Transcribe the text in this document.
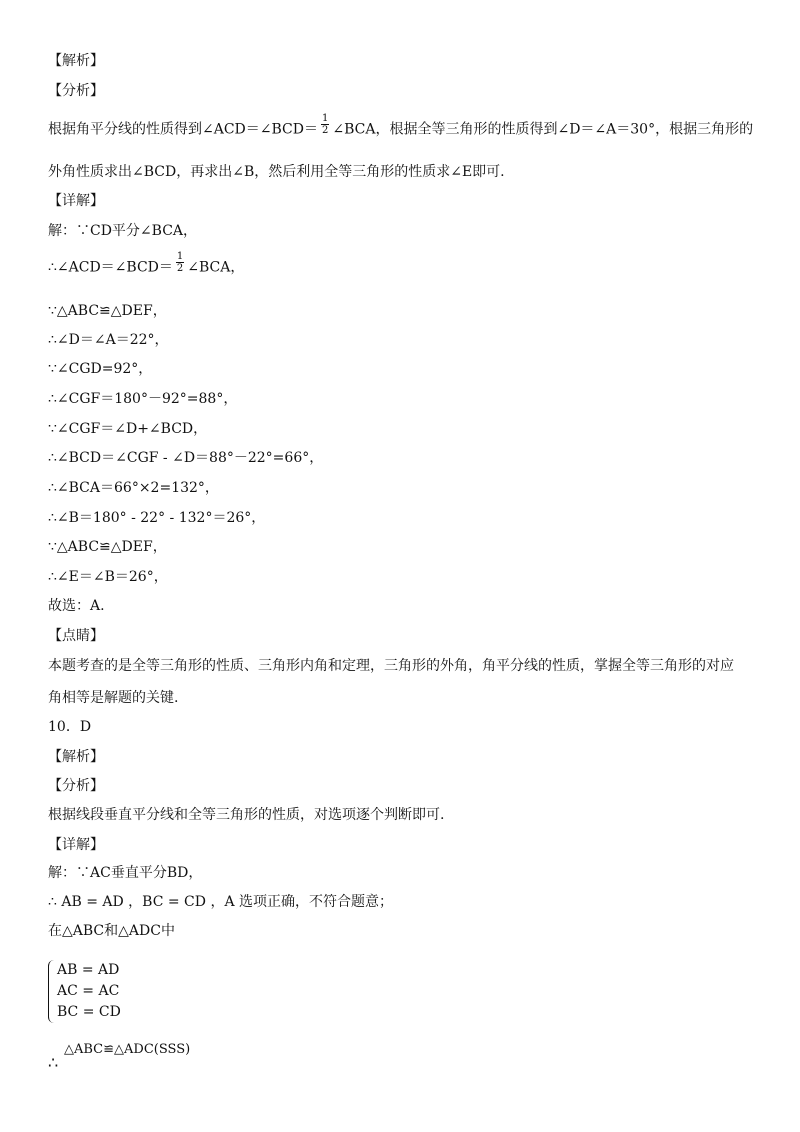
【解析】
【分析】
根据角平分线的性质得到∠ACD＝∠BCD＝ $\frac{1}{2}$ ∠BCA，根据全等三角形的性质得到∠D＝∠A＝30°，根据三角形的
外角性质求出∠BCD，再求出∠B，然后利用全等三角形的性质求∠E即可.
【详解】
解：∵CD平分∠BCA，
∴∠ACD＝∠BCD＝ $\frac{1}{2}$ ∠BCA，
∵△ABC≌△DEF，
∴∠D＝∠A＝22°，
∵∠CGD=92°，
∴∠CGF＝180°－92°=88°，
∵∠CGF＝∠D+∠BCD，
∴∠BCD＝∠CGF - ∠D＝88°－22°=66°，
∴∠BCA＝66°×2=132°，
∴∠B＝180° - 22° - 132°＝26°，
∵△ABC≌△DEF，
∴∠E＝∠B＝26°，
故选：A.
【点睛】
本题考查的是全等三角形的性质、三角形内角和定理，三角形的外角，角平分线的性质，掌握全等三角形的对应
角相等是解题的关键.
10．D
【解析】
【分析】
根据线段垂直平分线和全等三角形的性质，对选项逐个判断即可.
【详解】
解：∵AC垂直平分BD，
∴ AB = AD ，BC = CD ，A 选项正确，不符合题意；
在△ABC和△ADC中
AB = AD
AC = AC
BC = CD
△ABC≌△ADC(SSS)
∴
